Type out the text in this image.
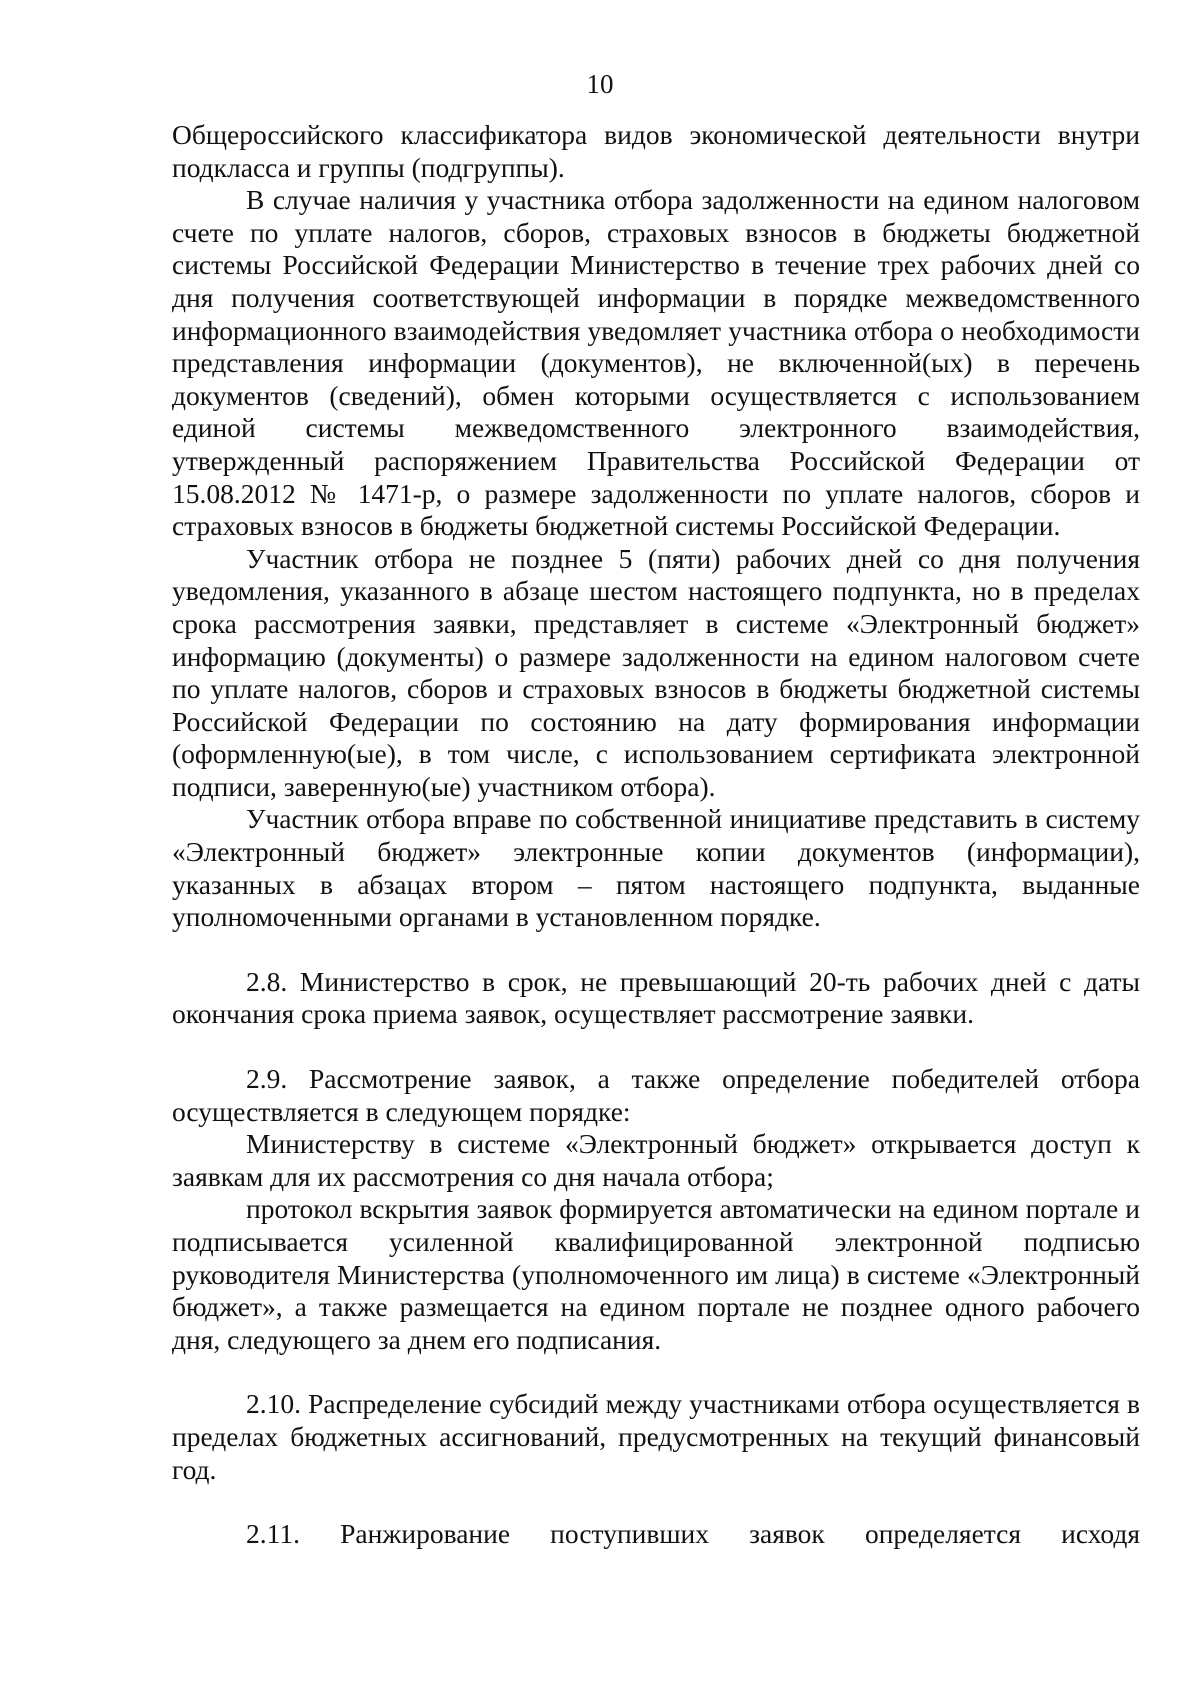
10

Общероссийского классификатора видов экономической деятельности внутри подкласса и группы (подгруппы).

В случае наличия у участника отбора задолженности на едином налоговом счете по уплате налогов, сборов, страховых взносов в бюджеты бюджетной системы Российской Федерации Министерство в течение трех рабочих дней со дня получения соответствующей информации в порядке межведомственного информационного взаимодействия уведомляет участника отбора о необходимости представления информации (документов), не включенной(ых) в перечень документов (сведений), обмен которыми осуществляется с использованием единой системы межведомственного электронного взаимодействия, утвержденный распоряжением Правительства Российской Федерации от 15.08.2012 № 1471-р, о размере задолженности по уплате налогов, сборов и страховых взносов в бюджеты бюджетной системы Российской Федерации.

Участник отбора не позднее 5 (пяти) рабочих дней со дня получения уведомления, указанного в абзаце шестом настоящего подпункта, но в пределах срока рассмотрения заявки, представляет в системе «Электронный бюджет» информацию (документы) о размере задолженности на едином налоговом счете по уплате налогов, сборов и страховых взносов в бюджеты бюджетной системы Российской Федерации по состоянию на дату формирования информации (оформленную(ые), в том числе, с использованием сертификата электронной подписи, заверенную(ые) участником отбора).

Участник отбора вправе по собственной инициативе представить в систему «Электронный бюджет» электронные копии документов (информации), указанных в абзацах втором – пятом настоящего подпункта, выданные уполномоченными органами в установленном порядке.

2.8. Министерство в срок, не превышающий 20-ть рабочих дней с даты окончания срока приема заявок, осуществляет рассмотрение заявки.

2.9. Рассмотрение заявок, а также определение победителей отбора осуществляется в следующем порядке:

Министерству в системе «Электронный бюджет» открывается доступ к заявкам для их рассмотрения со дня начала отбора;

протокол вскрытия заявок формируется автоматически на едином портале и подписывается усиленной квалифицированной электронной подписью руководителя Министерства (уполномоченного им лица) в системе «Электронный бюджет», а также размещается на едином портале не позднее одного рабочего дня, следующего за днем его подписания.

2.10. Распределение субсидий между участниками отбора осуществляется в пределах бюджетных ассигнований, предусмотренных на текущий финансовый год.

2.11. Ранжирование поступивших заявок определяется исходя
